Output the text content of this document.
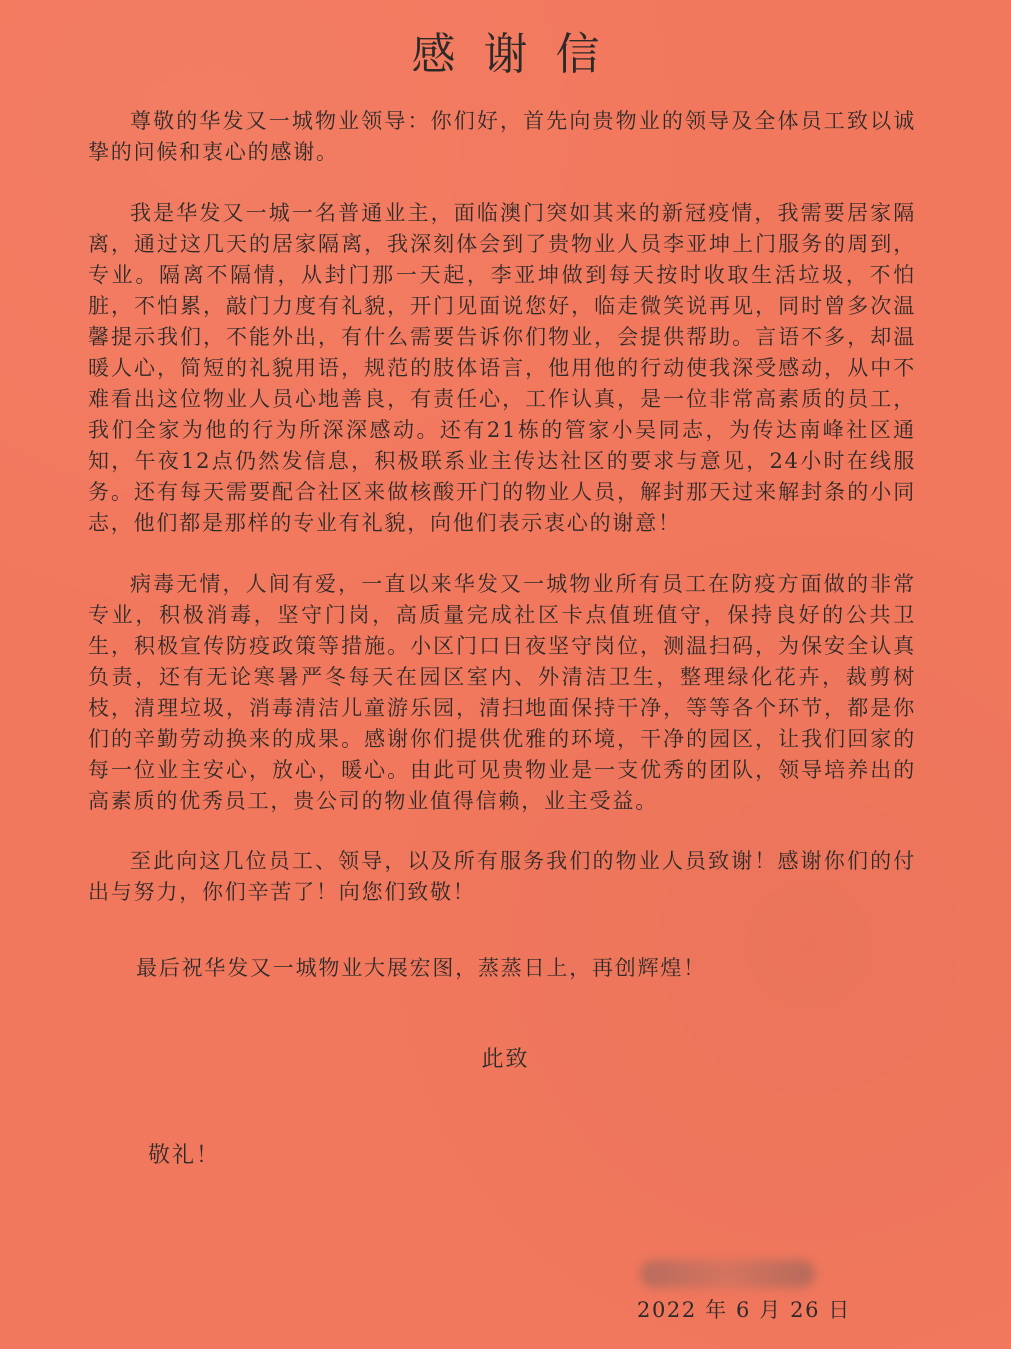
感谢信

尊敬的华发又一城物业领导：你们好，首先向贵物业的领导及全体员工致以诚挚的问候和衷心的感谢。

我是华发又一城一名普通业主，面临澳门突如其来的新冠疫情，我需要居家隔离，通过这几天的居家隔离，我深刻体会到了贵物业人员李亚坤上门服务的周到，专业。隔离不隔情，从封门那一天起，李亚坤做到每天按时收取生活垃圾，不怕脏，不怕累，敲门力度有礼貌，开门见面说您好，临走微笑说再见，同时曾多次温馨提示我们，不能外出，有什么需要告诉你们物业，会提供帮助。言语不多，却温暖人心，简短的礼貌用语，规范的肢体语言，他用他的行动使我深受感动，从中不难看出这位物业人员心地善良，有责任心，工作认真，是一位非常高素质的员工，我们全家为他的行为所深深感动。还有21栋的管家小吴同志，为传达南峰社区通知，午夜12点仍然发信息，积极联系业主传达社区的要求与意见，24小时在线服务。还有每天需要配合社区来做核酸开门的物业人员，解封那天过来解封条的小同志，他们都是那样的专业有礼貌，向他们表示衷心的谢意！

病毒无情，人间有爱，一直以来华发又一城物业所有员工在防疫方面做的非常专业，积极消毒，坚守门岗，高质量完成社区卡点值班值守，保持良好的公共卫生，积极宣传防疫政策等措施。小区门口日夜坚守岗位，测温扫码，为保安全认真负责，还有无论寒暑严冬每天在园区室内、外清洁卫生，整理绿化花卉，裁剪树枝，清理垃圾，消毒清洁儿童游乐园，清扫地面保持干净，等等各个环节，都是你们的辛勤劳动换来的成果。感谢你们提供优雅的环境，干净的园区，让我们回家的每一位业主安心，放心，暖心。由此可见贵物业是一支优秀的团队，领导培养出的高素质的优秀员工，贵公司的物业值得信赖，业主受益。

至此向这几位员工、领导，以及所有服务我们的物业人员致谢！感谢你们的付出与努力，你们辛苦了！向您们致敬！

最后祝华发又一城物业大展宏图，蒸蒸日上，再创辉煌！
此致
敬礼！
2022 年 6 月 26 日
